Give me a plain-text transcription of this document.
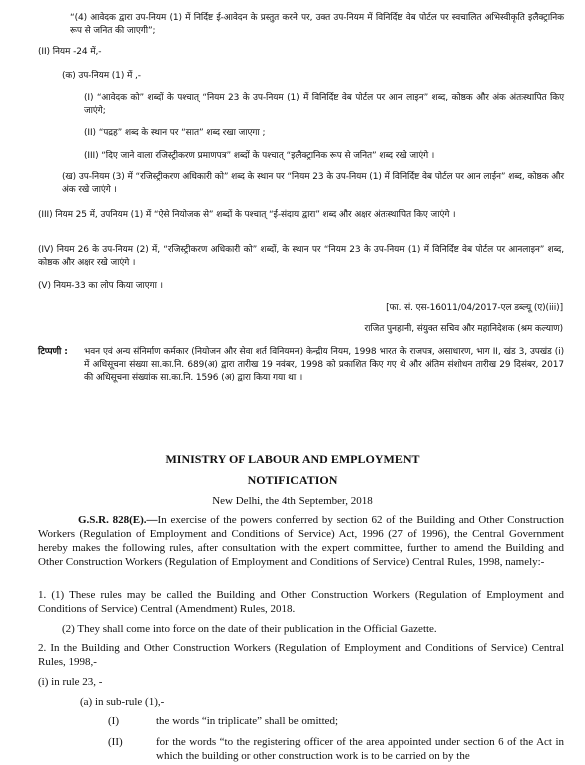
“(4) आवेदक द्वारा उप-नियम (1) में निर्दिष्ट ई-आवेदन के प्रस्तुत करने पर, उक्त उप-नियम में विनिर्दिष्ट वेब पोर्टल पर स्वचालित अभिस्वीकृति इलैक्ट्रानिक रूप से जनित की जाएगी”;
(II) नियम -24 में,-
(क) उप-नियम (1) में ,-
(I) “आवेदक को” शब्दों के पश्चात् “नियम 23 के उप-नियम (1) में विनिर्दिष्ट वेब पोर्टल पर आन लाइन” शब्द, कोष्ठक और अंक अंतःस्थापित किए जाएंगे;
(II) “पद्रह” शब्द के स्थान पर “सात” शब्द रखा जाएगा ;
(III) “दिए जाने वाला रजिस्ट्रीकरण प्रमाणपत्र” शब्दों के पश्चात् “इलैक्ट्रानिक रूप से जनित” शब्द रखे जाएंगे ।
(ख) उप-नियम (3) में “रजिस्ट्रीकरण अधिकारी को” शब्द के स्थान पर “नियम 23 के उप-नियम (1) में विनिर्दिष्ट वेब पोर्टल पर आन लाईन” शब्द, कोष्ठक और अंक रखे जाएंगे ।
(III) नियम 25 में, उपनियम (1) में “ऐसे नियोजक से” शब्दों के पश्चात् “ई-संदाय द्वारा” शब्द और अक्षर अंतःस्थापित किए जाएंगे ।
(IV) नियम 26 के उप-नियम (2) में, “रजिस्ट्रीकरण अधिकारी को” शब्दों, के स्थान पर “नियम 23 के उप-नियम (1) में विनिर्दिष्ट वेब पोर्टल पर आनलाइन” शब्द, कोष्ठक और अक्षर रखे जाएंगे ।
(V) नियम-33 का लोप किया जाएगा ।
[फा. सं. एस-16011/04/2017-एल डब्ल्यू (ए)(iii)]
राजित पुनहानी, संयुक्त सचिव और महानिदेशक (श्रम कल्याण)
टिप्पणी : भवन एवं अन्य संनिर्माण कर्मकार (नियोजन और सेवा शर्त विनियमन) केन्द्रीय नियम, 1998 भारत के राजपत्र, असाधारण, भाग II, खंड 3, उपखंड (i) में अधिसूचना संख्या सा.का.नि. 689(अ) द्वारा तारीख 19 नवंबर, 1998 को प्रकाशित किए गए थे और अंतिम संशोधन तारीख 29 दिसंबर, 2017 की अधिसूचना संख्यांक सा.का.नि. 1596 (अ) द्वारा किया गया था ।
MINISTRY OF LABOUR AND EMPLOYMENT
NOTIFICATION
New Delhi, the 4th September, 2018
G.S.R. 828(E).—In exercise of the powers conferred by section 62 of the Building and Other Construction Workers (Regulation of Employment and Conditions of Service) Act, 1996 (27 of 1996), the Central Government hereby makes the following rules, after consultation with the expert committee, further to amend the Building and Other Construction Workers (Regulation of Employment and Conditions of Service) Central Rules, 1998, namely:-
1. (1) These rules may be called the Building and Other Construction Workers (Regulation of Employment and Conditions of Service) Central (Amendment) Rules, 2018.
(2) They shall come into force on the date of their publication in the Official Gazette.
2. In the Building and Other Construction Workers (Regulation of Employment and Conditions of Service) Central Rules, 1998,-
(i) in rule 23, -
(a) in sub-rule (1),-
(I)	the words “in triplicate” shall be omitted;
(II)	for the words “to the registering officer of the area appointed under section 6 of the Act in which the building or other construction work is to be carried on by the
